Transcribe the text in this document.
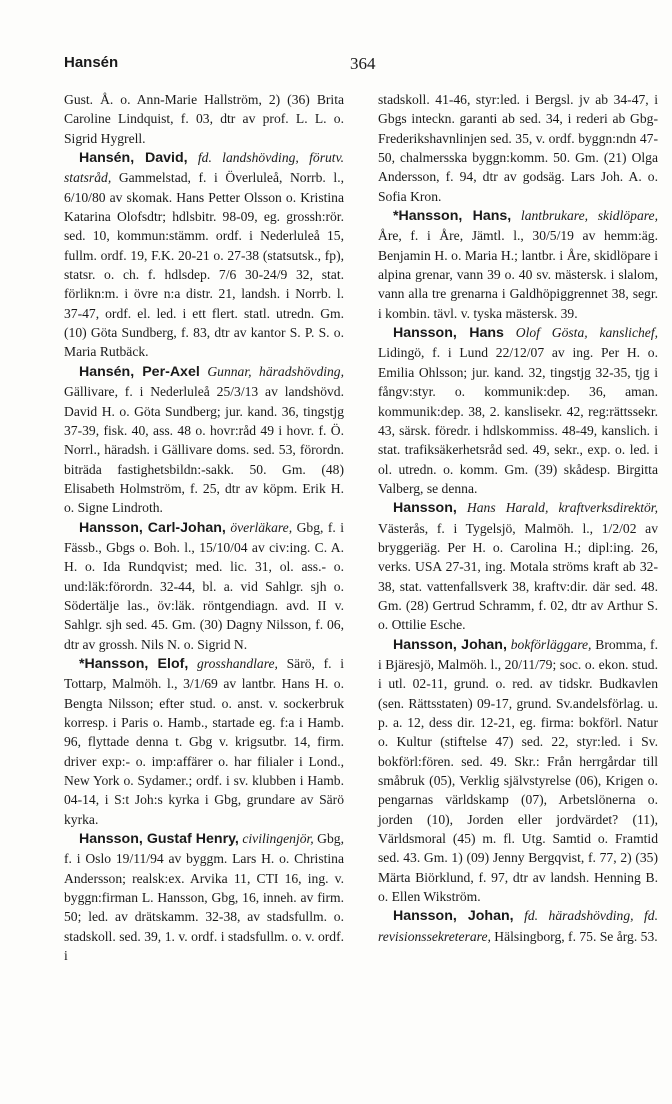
Hansén	364

Gust. Å. o. Ann-Marie Hallström, 2) (36) Brita Caroline Lindquist, f. 03, dtr av prof. L. L. o. Sigrid Hygrell.

Hansén, David, fd. landshövding, förutv. statsråd, Gammelstad, f. i Överluleå, Norrb. l., 6/10/80 av skomak. Hans Petter Olsson o. Kristina Katarina Olofsdtr; hdlsbitr. 98-09, eg. grossh:rör. sed. 10, kommun:stämm. ordf. i Nederluleå 15, fullm. ordf. 19, F.K. 20-21 o. 27-38 (statsutsk., fp), statsr. o. ch. f. hdlsdep. 7/6 30-24/9 32, stat. förlikn:m. i övre n:a distr. 21, landsh. i Norrb. l. 37-47, ordf. el. led. i ett flert. statl. utredn. Gm. (10) Göta Sundberg, f. 83, dtr av kantor S. P. S. o. Maria Rutbäck.

Hansén, Per-Axel Gunnar, häradshövding, Gällivare, f. i Nederluleå 25/3/13 av landshövd. David H. o. Göta Sundberg; jur. kand. 36, tingstjg 37-39, fisk. 40, ass. 48 o. hovr:råd 49 i hovr. f. Ö. Norrl., häradsh. i Gällivare doms. sed. 53, förordn. biträda fastighetsbildn:-sakk. 50. Gm. (48) Elisabeth Holmström, f. 25, dtr av köpm. Erik H. o. Signe Lindroth.

Hansson, Carl-Johan, överläkare, Gbg, f. i Fässb., Gbgs o. Boh. l., 15/10/04 av civ:ing. C. A. H. o. Ida Rundqvist; med. lic. 31, ol. ass.- o. und:läk:förordn. 32-44, bl. a. vid Sahlgr. sjh o. Södertälje las., öv:läk. röntgendiagn. avd. II v. Sahlgr. sjh sed. 45. Gm. (30) Dagny Nilsson, f. 06, dtr av grossh. Nils N. o. Sigrid N.

*Hansson, Elof, grosshandlare, Särö, f. i Tottarp, Malmöh. l., 3/1/69 av lantbr. Hans H. o. Bengta Nilsson; efter stud. o. anst. v. sockerbruk korresp. i Paris o. Hamb., startade eg. f:a i Hamb. 96, flyttade denna t. Gbg v. krigsutbr. 14, firm. driver exp:- o. imp:affärer o. har filialer i Lond., New York o. Sydamer.; ordf. i sv. klubben i Hamb. 04-14, i S:t Joh:s kyrka i Gbg, grundare av Särö kyrka.

Hansson, Gustaf Henry, civilingenjör, Gbg, f. i Oslo 19/11/94 av byggm. Lars H. o. Christina Andersson; realsk:ex. Arvika 11, CTI 16, ing. v. byggn:firman L. Hansson, Gbg, 16, inneh. av firm. 50; led. av drätskamm. 32-38, av stadsfullm. o. stadskoll. sed. 39, 1. v. ordf. i stadsfullm. o. v. ordf. i

stadskoll. 41-46, styr:led. i Bergsl. jv ab 34-47, i Gbgs inteckn. garanti ab sed. 34, i rederi ab Gbg-Frederikshavnlinjen sed. 35, v. ordf. byggn:ndn 47-50, chalmersska byggn:komm. 50. Gm. (21) Olga Andersson, f. 94, dtr av godsäg. Lars Joh. A. o. Sofia Kron.

*Hansson, Hans, lantbrukare, skidlöpare, Åre, f. i Åre, Jämtl. l., 30/5/19 av hemm:äg. Benjamin H. o. Maria H.; lantbr. i Åre, skidlöpare i alpina grenar, vann 39 o. 40 sv. mästersk. i slalom, vann alla tre grenarna i Galdhöpiggrennet 38, segr. i kombin. tävl. v. tyska mästersk. 39.

Hansson, Hans Olof Gösta, kanslichef, Lidingö, f. i Lund 22/12/07 av ing. Per H. o. Emilia Ohlsson; jur. kand. 32, tingstjg 32-35, tjg i fångv:styr. o. kommunik:dep. 36, aman. kommunik:dep. 38, 2. kanslisekr. 42, reg:rättssekr. 43, särsk. föredr. i hdlskommiss. 48-49, kanslich. i stat. trafiksäkerhetsråd sed. 49, sekr., exp. o. led. i ol. utredn. o. komm. Gm. (39) skådesp. Birgitta Valberg, se denna.

Hansson, Hans Harald, kraftverksdirektör, Västerås, f. i Tygelsjö, Malmöh. l., 1/2/02 av bryggeriäg. Per H. o. Carolina H.; dipl:ing. 26, verks. USA 27-31, ing. Motala ströms kraft ab 32-38, stat. vattenfallsverk 38, kraftv:dir. där sed. 48. Gm. (28) Gertrud Schramm, f. 02, dtr av Arthur S. o. Ottilie Esche.

Hansson, Johan, bokförläggare, Bromma, f. i Bjäresjö, Malmöh. l., 20/11/79; soc. o. ekon. stud. i utl. 02-11, grund. o. red. av tidskr. Budkavlen (sen. Rättsstaten) 09-17, grund. Sv.andelsförlag. u. p. a. 12, dess dir. 12-21, eg. firma: bokförl. Natur o. Kultur (stiftelse 47) sed. 22, styr:led. i Sv. bokförl:fören. sed. 49. Skr.: Från herrgårdar till småbruk (05), Verklig självstyrelse (06), Krigen o. pengarnas världskamp (07), Arbetslönerna o. jorden (10), Jorden eller jordvärdet? (11), Världsmoral (45) m. fl. Utg. Samtid o. Framtid sed. 43. Gm. 1) (09) Jenny Bergqvist, f. 77, 2) (35) Märta Biörklund, f. 97, dtr av landsh. Henning B. o. Ellen Wikström.

Hansson, Johan, fd. häradshövding, fd. revisionssekreterare, Hälsingborg, f. 75. Se årg. 53.
